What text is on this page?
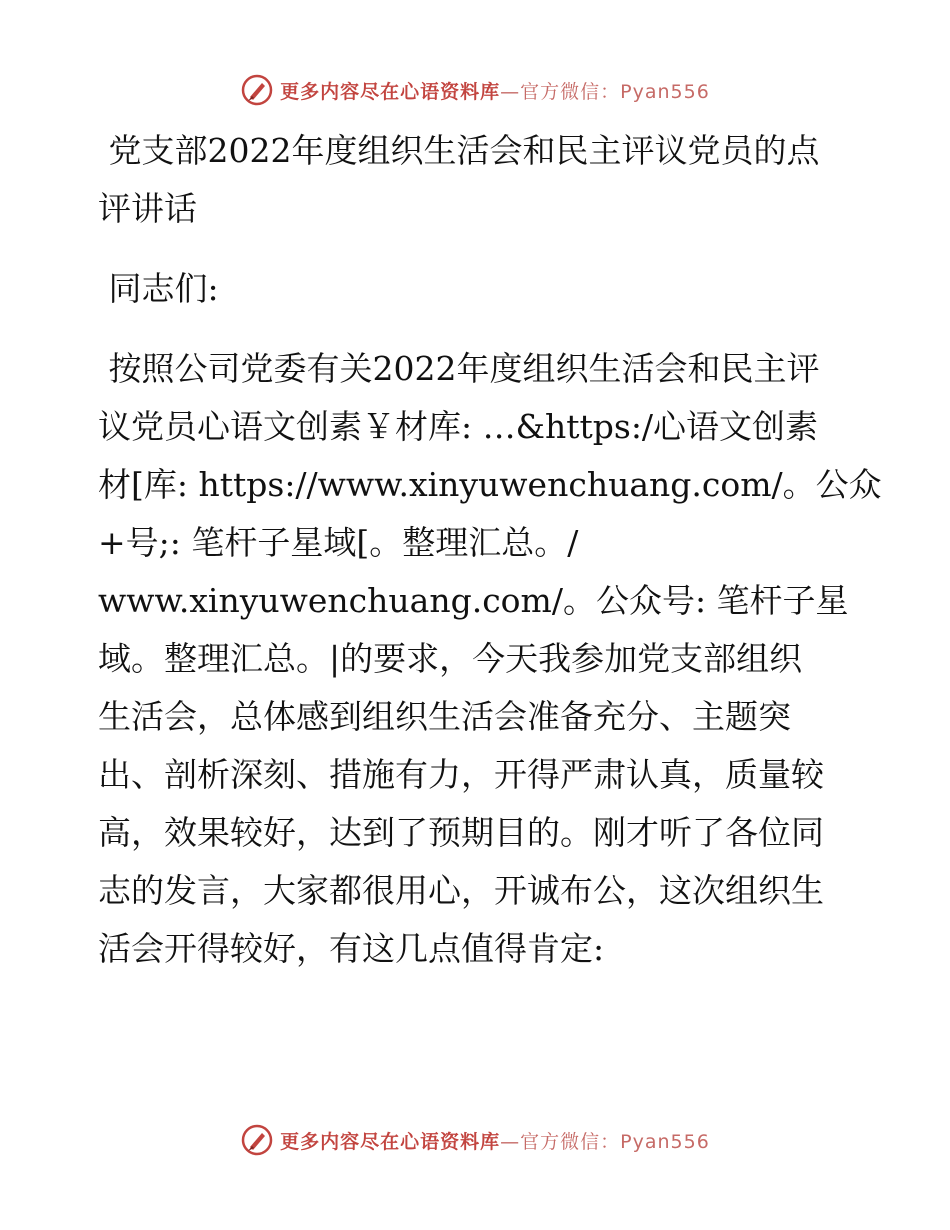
更多内容尽在心语资料库—官方微信：Pyan556
党支部2022年度组织生活会和民主评议党员的点
评讲话
同志们:
按照公司党委有关2022年度组织生活会和民主评
议党员心语文创素￥材库: …&https:/心语文创素
材[库: https://www.xinyuwenchuang.com/。公众
+号;: 笔杆子星域[。整理汇总。/
www.xinyuwenchuang.com/。公众号: 笔杆子星
域。整理汇总。|的要求，今天我参加党支部组织
生活会，总体感到组织生活会准备充分、主题突
出、剖析深刻、措施有力，开得严肃认真，质量较
高，效果较好，达到了预期目的。刚才听了各位同
志的发言，大家都很用心，开诚布公，这次组织生
活会开得较好，有这几点值得肯定:
更多内容尽在心语资料库—官方微信：Pyan556
